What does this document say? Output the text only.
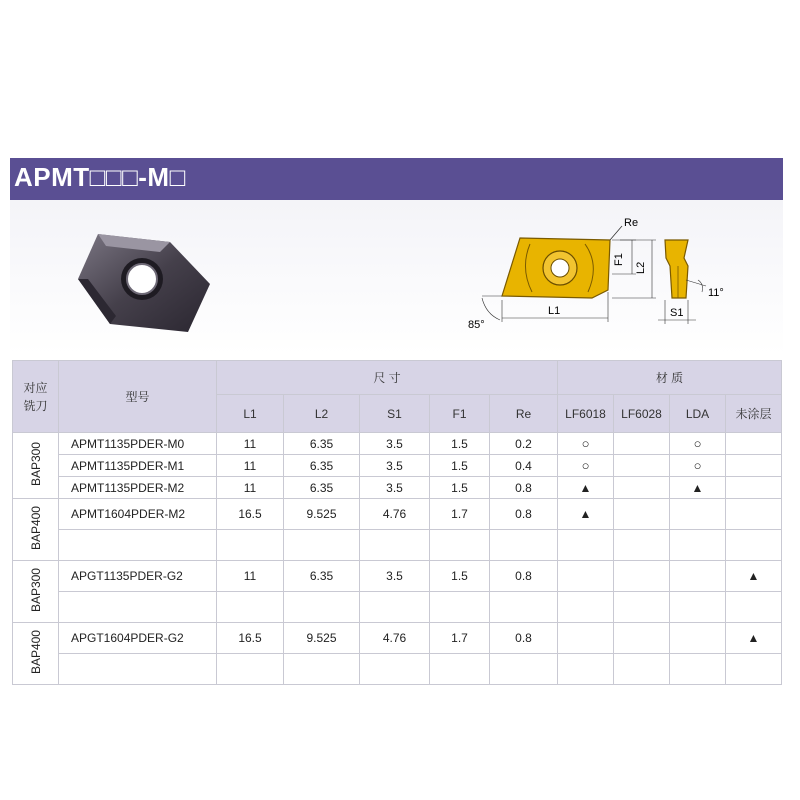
APMT□□□-M□
Re
F1
L2
L1
85°
11°
S1
对应
铣刀	型号	尺 寸					材 质			
		L1	L2	S1	F1	Re	LF6018	LF6028	LDA	未涂层
BAP300	APMT1135PDER-M0	11	6.35	3.5	1.5	0.2	○		○	
	APMT1135PDER-M1	11	6.35	3.5	1.5	0.4	○		○	
	APMT1135PDER-M2	11	6.35	3.5	1.5	0.8	▲		▲	
BAP400	APMT1604PDER-M2	16.5	9.525	4.76	1.7	0.8	▲			

BAP300	APGT1135PDER-G2	11	6.35	3.5	1.5	0.8				▲

BAP400	APGT1604PDER-G2	16.5	9.525	4.76	1.7	0.8				▲
